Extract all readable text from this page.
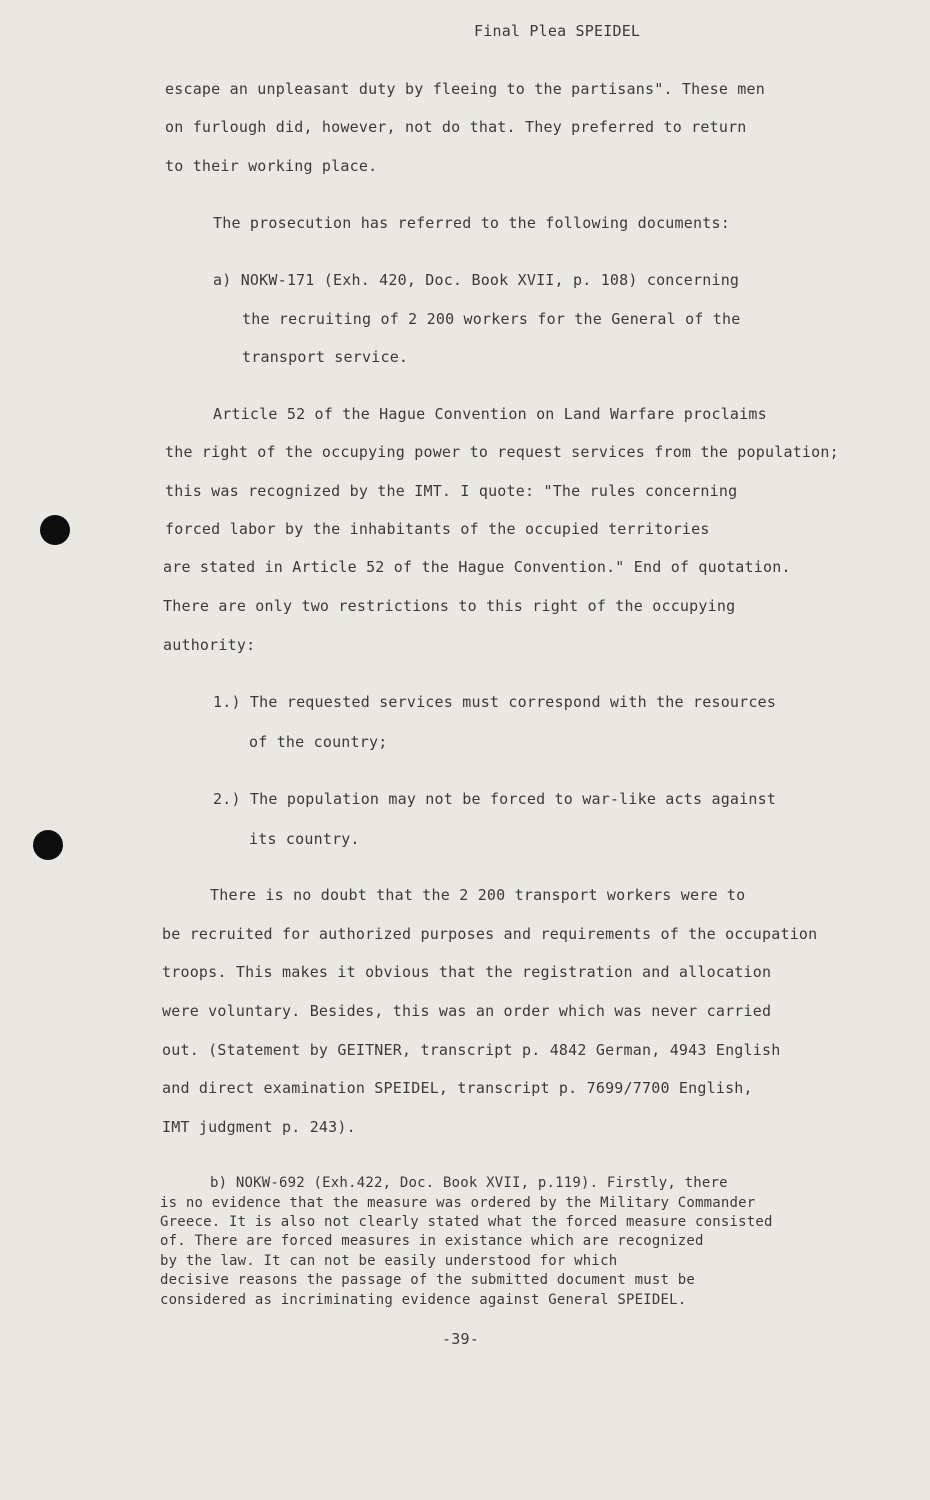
Final Plea SPEIDEL
escape an unpleasant duty by fleeing to the partisans". These men
on furlough did, however, not do that. They preferred to return
to their working place.
The prosecution has referred to the following documents:
a) NOKW-171 (Exh. 420, Doc. Book XVII, p. 108) concerning
the recruiting of 2 200 workers for the General of the
transport service.
Article 52 of the Hague Convention on Land Warfare proclaims
the right of the occupying power to request services from the population;
this was recognized by the IMT. I quote: "The rules concerning
forced labor by the inhabitants of the occupied territories
are stated in Article 52 of the Hague Convention." End of quotation.
There are only two restrictions to this right of the occupying
authority:
1.) The requested services must correspond with the resources
of the country;
2.) The population may not be forced to war-like acts against
its country.
There is no doubt that the 2 200 transport workers were to
be recruited for authorized purposes and requirements of the occupation
troops. This makes it obvious that the registration and allocation
were voluntary. Besides, this was an order which was never carried
out. (Statement by GEITNER, transcript p. 4842 German, 4943 English
and direct examination SPEIDEL, transcript p. 7699/7700 English,
IMT judgment p. 243).
b) NOKW-692 (Exh.422, Doc. Book XVII, p.119). Firstly, there
is no evidence that the measure was ordered by the Military Commander
Greece. It is also not clearly stated what the forced measure consisted
of. There are forced measures in existance which are recognized
by the law. It can not be easily understood for which
decisive reasons the passage of the submitted document must be
considered as incriminating evidence against General SPEIDEL.
-39-
